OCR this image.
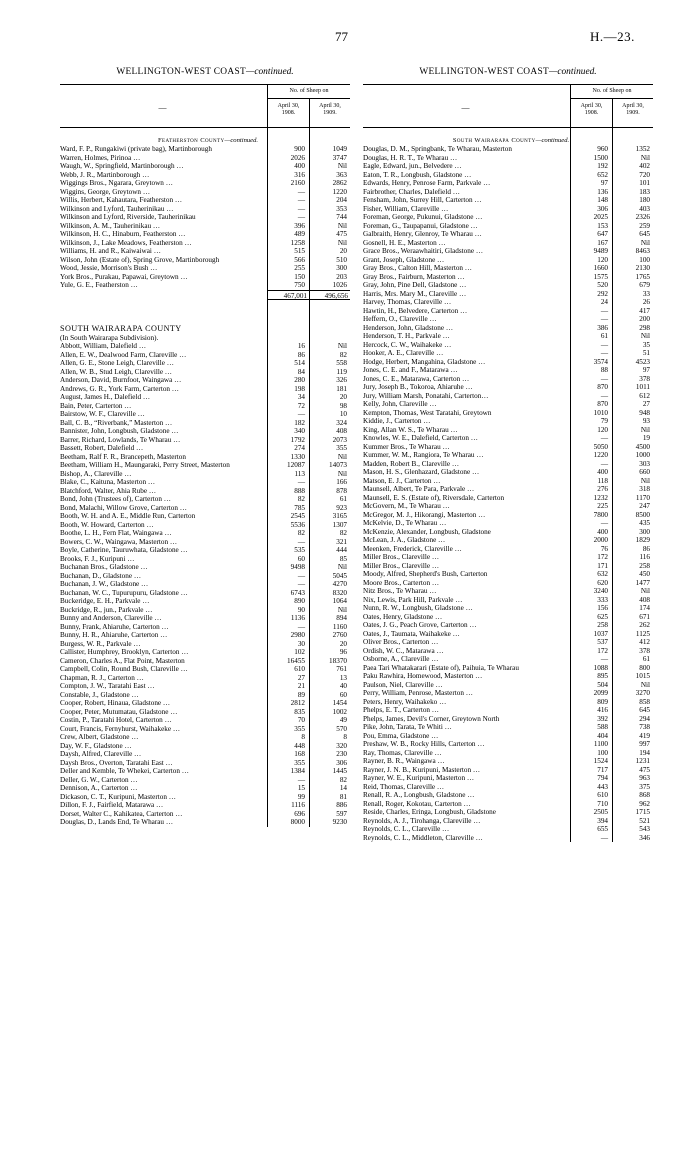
77	H.—23.
WELLINGTON-WEST COAST—continued.
—
No. of Sheep on
April 30,
1908.
April 30,
1909.
Featherston County—continued.
Ward, F. P., Rungakiwi (private bag), Martinborough	900	1049
Warren, Holmes, Pirinoa …	2026	3747
Waugh, W., Springfield, Martinborough …	400	Nil
Webb, J. R., Martinborough …	316	363
Wiggings Bros., Ngarara, Greytown …	2160	2862
Wiggins, George, Greytown …	—	1220
Willis, Herbert, Kahautara, Featherston …	—	204
Wilkinson and Lyford, Tauherinikau …	—	353
Wilkinson and Lyford, Riverside, Tauherinikau	—	744
Wilkinson, A. M., Tauherinikau …	396	Nil
Wilkinson, H. C., Hinaburn, Featherston …	489	475
Wilkinson, J., Lake Meadows, Featherston …	1258	Nil
Williams, H. and R., Kaiwaiwai …	515	20
Wilson, John (Estate of), Spring Grove, Martinborough	566	510
Wood, Jessie, Morrison's Bush …	255	300
York Bros., Purakau, Papawai, Greytown …	150	203
Yule, G. E., Featherston …	750	1026
467,001	496,656
SOUTH WAIRARAPA COUNTY
(In South Wairarapa Subdivision).
Abbott, William, Dalefield …	16	Nil
Allen, E. W., Dealwood Farm, Clareville …	86	82
Allen, G. E., Stone Leigh, Clareville …	514	558
Allen, W. B., Stud Leigh, Clareville …	84	119
Anderson, David, Burnfoot, Waingawa …	280	326
Andrews, G. R., York Farm, Carterton …	198	181
August, James H., Dalefield …	34	20
Bain, Peter, Carterton …	72	98
Bairstow, W. F., Clareville …	—	10
Ball, C. B., “Riverbank,” Masterton …	182	324
Bannister, John, Longbush, Gladstone …	340	408
Barrer, Richard, Lowlands, Te Wharau …	1792	2073
Bassett, Robert, Dalefield …	274	355
Beetham, Ralf F. R., Brancepeth, Masterton	1330	Nil
Beetham, William H., Maungaraki, Perry Street, Masterton	12087	14073
Bishop, A., Clareville …	113	Nil
Blake, C., Kaituna, Masterton …	—	166
Blatchford, Walter, Ahia Rube …	888	878
Bond, John (Trustees of), Carterton …	82	61
Bond, Malachi, Willow Grove, Carterton …	785	923
Booth, W. H. and A. E., Middle Run, Carterton	2545	3165
Booth, W. Howard, Carterton …	5536	1307
Boothe, L. H., Fern Flat, Waingawa …	82	82
Bowers, C. W., Waingawa, Masterton …	—	321
Boyle, Catherine, Tauruwhata, Gladstone …	535	444
Brooks, F. J., Kuripuni …	60	85
Buchanan Bros., Gladstone …	9498	Nil
Buchanan, D., Gladstone …	—	5045
Buchanan, J. W., Gladstone …	—	4270
Buchanan, W. C., Tupurupuru, Gladstone …	6743	8320
Buckeridge, E. H., Parkvale …	890	1064
Buckridge, R., jun., Parkvale …	90	Nil
Bunny and Anderson, Clareville …	1136	894
Bunny, Frank, Ahiaruhe, Carterton …	—	1160
Bunny, H. R., Ahiaruhe, Carterton …	2980	2760
Burgess, W. R., Parkvale …	30	20
Callister, Humphrey, Brooklyn, Carterton …	102	96
Cameron, Charles A., Flat Point, Masterton	16455	18370
Campbell, Colin, Round Bush, Clareville …	610	761
Chapman, R. J., Carterton …	27	13
Compton, J. W., Taratahi East …	21	40
Constable, J., Gladstone …	89	60
Cooper, Robert, Hinaua, Gladstone …	2812	1454
Cooper, Peter, Mutumatau, Gladstone …	835	1002
Costin, P., Taratahi Hotel, Carterton …	70	49
Court, Francis, Fernyhurst, Waihakeke …	355	570
Crew, Albert, Gladstone …	8	8
Day, W. F., Gladstone …	448	320
Daysh, Alfred, Clareville …	168	230
Daysh Bros., Overton, Taratahi East …	355	306
Deller and Kemble, Te Whekei, Carterton …	1384	1445
Deller, G. W., Carterton …	—	82
Dennison, A., Carterton …	15	14
Dickason, C. T., Kuripuni, Masterton …	99	81
Dillon, F. J., Fairfield, Matarawa …	1116	886
Dorset, Walter C., Kahikatea, Carterton …	696	597
Douglas, D., Lands End, Te Wharau …	8000	9230
WELLINGTON-WEST COAST—continued.
—
No. of Sheep on
April 30,
1908.
April 30,
1909.
South Wairarapa County—continued.
Douglas, D. M., Springbank, Te Wharau, Masterton	960	1352
Douglas, H. R. T., Te Wharau …	1500	Nil
Eagle, Edward, jun., Belvedere …	192	402
Eaton, T. R., Longbush, Gladstone …	652	720
Edwards, Henry, Penrose Farm, Parkvale …	97	101
Fairbrother, Charles, Dalefield …	136	183
Fensham, John, Surrey Hill, Carterton …	148	180
Fisher, William, Clareville …	306	403
Foreman, George, Pukunui, Gladstone …	2025	2326
Foreman, G., Taupapanui, Gladstone …	153	259
Galbraith, Henry, Glenroy, Te Wharau …	647	645
Gosnell, H. E., Masterton …	167	Nil
Grace Bros., Weraawhaitiri, Gladstone …	9489	8463
Grant, Joseph, Gladstone …	120	100
Gray Bros., Calton Hill, Masterton …	1660	2130
Gray Bros., Fairburn, Masterton …	1575	1765
Gray, John, Pine Dell, Gladstone …	520	679
Harris, Mrs. Mary M., Clareville …	292	33
Harvey, Thomas, Clareville …	24	26
Hawtin, H., Belvedere, Carterton …	—	417
Heffern, O., Clareville …	—	200
Henderson, John, Gladstone …	386	298
Henderson, T. H., Parkvale …	61	Nil
Hercock, C. W., Waihakeke …	—	35
Hooker, A. E., Clareville …	—	51
Hodge, Herbert, Mangahina, Gladstone …	3574	4523
Jones, C. E. and F., Matarawa …	88	97
Jones, C. E., Matarawa, Carterton …	—	378
Jury, Joseph B., Tokoroa, Ahiaruhe …	870	1011
Jury, William Marsh, Ponatahi, Carterton…	—	612
Kelly, John, Clareville …	870	27
Kempton, Thomas, West Taratahi, Greytown	1010	948
Kiddie, J., Carterton …	79	93
King, Allan W. S., Te Wharau …	120	Nil
Knowles, W. E., Dalefield, Carterton …	—	19
Kummer Bros., Te Wharau …	5050	4500
Kummer, W. M., Rangiora, Te Wharau …	1220	1000
Madden, Robert B., Clareville …	—	303
Mason, H. S., Glenhazard, Gladstone …	400	660
Matson, E. J., Carterton …	118	Nil
Maunsell, Albert, Te Para, Parkvale …	276	318
Maunsell, E. S. (Estate of), Riversdale, Carterton	1232	1170
McGovern, M., Te Wharau …	225	247
McGregor, M. J., Hikorangi, Masterton …	7800	8500
McKelvie, D., Te Wharau …	—	435
McKenzie, Alexander, Longbush, Gladstone	400	300
McLean, J. A., Gladstone …	2000	1829
Meenken, Frederick, Clareville …	76	86
Miller Bros., Clareville …	172	116
Miller Bros., Clareville …	171	258
Moody, Alfred, Shepherd's Bush, Carterton	632	450
Moore Bros., Carterton …	620	1477
Nitz Bros., Te Wharau …	3240	Nil
Nix, Lewis, Park Hill, Parkvale …	333	408
Nunn, R. W., Longbush, Gladstone …	156	174
Oates, Henry, Gladstone …	625	671
Oates, J. G., Peach Grove, Carterton …	258	262
Oates, J., Taumata, Waihakeke …	1037	1125
Oliver Bros., Carterton …	537	412
Ordish, W. C., Matarawa …	172	378
Osborne, A., Clareville …	—	61
Paea Tari Whatakarari (Estate of), Paihuia, Te Wharau	1088	800
Paku Rawhira, Homewood, Masterton …	895	1015
Paulson, Niel, Clareville …	504	Nil
Perry, William, Penrose, Masterton …	2099	3270
Peters, Henry, Waihakeko …	809	858
Phelps, E. T., Carterton …	416	645
Phelps, James, Devil's Corner, Greytown North	392	294
Pike, John, Tarata, Te Whiti …	588	738
Pou, Emma, Gladstone …	404	419
Preshaw, W. B., Rocky Hills, Carterton …	1100	997
Ray, Thomas, Clareville …	100	194
Rayner, B. R., Waingawa …	1524	1231
Rayner, J. N. B., Kuripuni, Masterton …	717	475
Rayner, W. E., Kuripuni, Masterton …	794	963
Reid, Thomas, Clareville …	443	375
Renall, R. A., Longbush, Gladstone …	610	868
Renall, Roger, Kokotau, Carterton …	710	962
Reside, Charles, Eringa, Longbush, Gladstone	2505	1715
Reynolds, A. J., Tirohanga, Clareville …	394	521
Reynolds, C. L., Clareville …	655	543
Reynolds, C. L., Middleton, Clareville …	—	346
